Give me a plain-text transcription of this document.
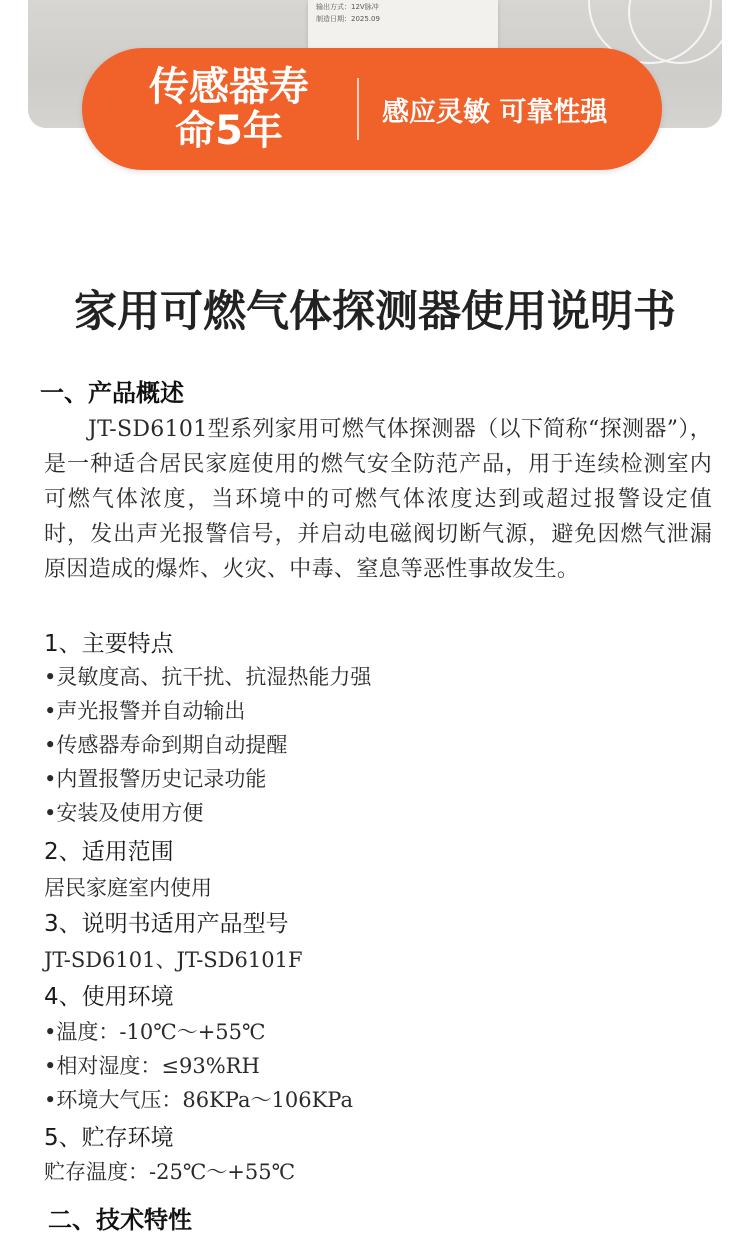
输出方式：12V脉冲
制造日期：2025.09
传感器寿
命5年	感应灵敏 可靠性强
家用可燃气体探测器使用说明书
一、产品概述
JT-SD6101型系列家用可燃气体探测器（以下简称“探测器”），是一种适合居民家庭使用的燃气安全防范产品，用于连续检测室内可燃气体浓度，当环境中的可燃气体浓度达到或超过报警设定值时，发出声光报警信号，并启动电磁阀切断气源，避免因燃气泄漏原因造成的爆炸、火灾、中毒、窒息等恶性事故发生。
1、主要特点
•灵敏度高、抗干扰、抗湿热能力强
•声光报警并自动输出
•传感器寿命到期自动提醒
•内置报警历史记录功能
•安装及使用方便
2、适用范围
居民家庭室内使用
3、说明书适用产品型号
JT-SD6101、JT-SD6101F
4、使用环境
•温度：-10℃～+55℃
•相对湿度：≤93%RH
•环境大气压：86KPa～106KPa
5、贮存环境
贮存温度：-25℃～+55℃
二、技术特性
